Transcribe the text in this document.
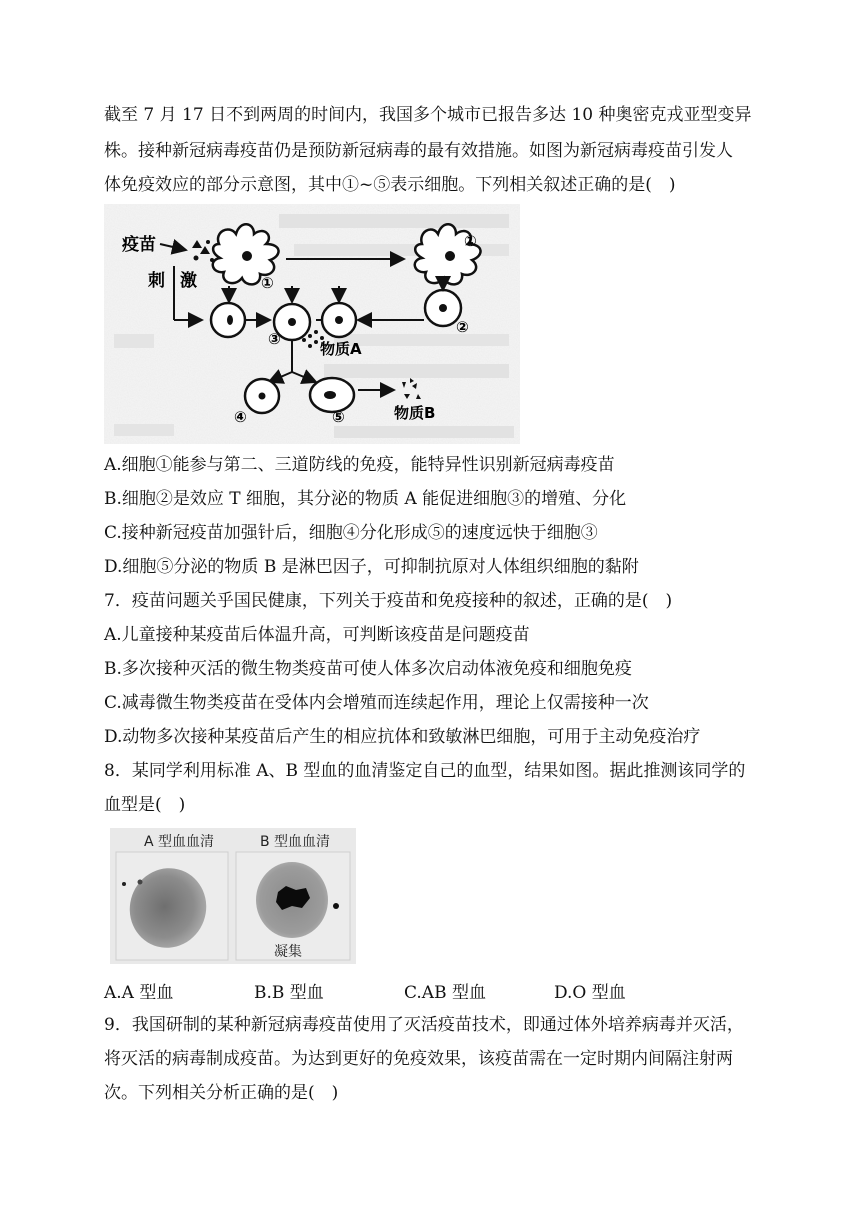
截至 7 月 17 日不到两周的时间内，我国多个城市已报告多达 10 种奥密克戎亚型变异
株。接种新冠病毒疫苗仍是预防新冠病毒的最有效措施。如图为新冠病毒疫苗引发人
体免疫效应的部分示意图，其中①~⑤表示细胞。下列相关叙述正确的是(　)
疫苗
①
①
刺 激
③
②
物质A
④	⑤	物质B
A.细胞①能参与第二、三道防线的免疫，能特异性识别新冠病毒疫苗
B.细胞②是效应 T 细胞，其分泌的物质 A 能促进细胞③的增殖、分化
C.接种新冠疫苗加强针后，细胞④分化形成⑤的速度远快于细胞③
D.细胞⑤分泌的物质 B 是淋巴因子，可抑制抗原对人体组织细胞的黏附
7．疫苗问题关乎国民健康，下列关于疫苗和免疫接种的叙述，正确的是(　)
A.儿童接种某疫苗后体温升高，可判断该疫苗是问题疫苗
B.多次接种灭活的微生物类疫苗可使人体多次启动体液免疫和细胞免疫
C.减毒微生物类疫苗在受体内会增殖而连续起作用，理论上仅需接种一次
D.动物多次接种某疫苗后产生的相应抗体和致敏淋巴细胞，可用于主动免疫治疗
8．某同学利用标准 A、B 型血的血清鉴定自己的血型，结果如图。据此推测该同学的
血型是(　)
A 型血血清	B 型血血清
凝集
A.A 型血	B.B 型血	C.AB 型血	D.O 型血
9．我国研制的某种新冠病毒疫苗使用了灭活疫苗技术，即通过体外培养病毒并灭活，
将灭活的病毒制成疫苗。为达到更好的免疫效果，该疫苗需在一定时期内间隔注射两
次。下列相关分析正确的是(　)
